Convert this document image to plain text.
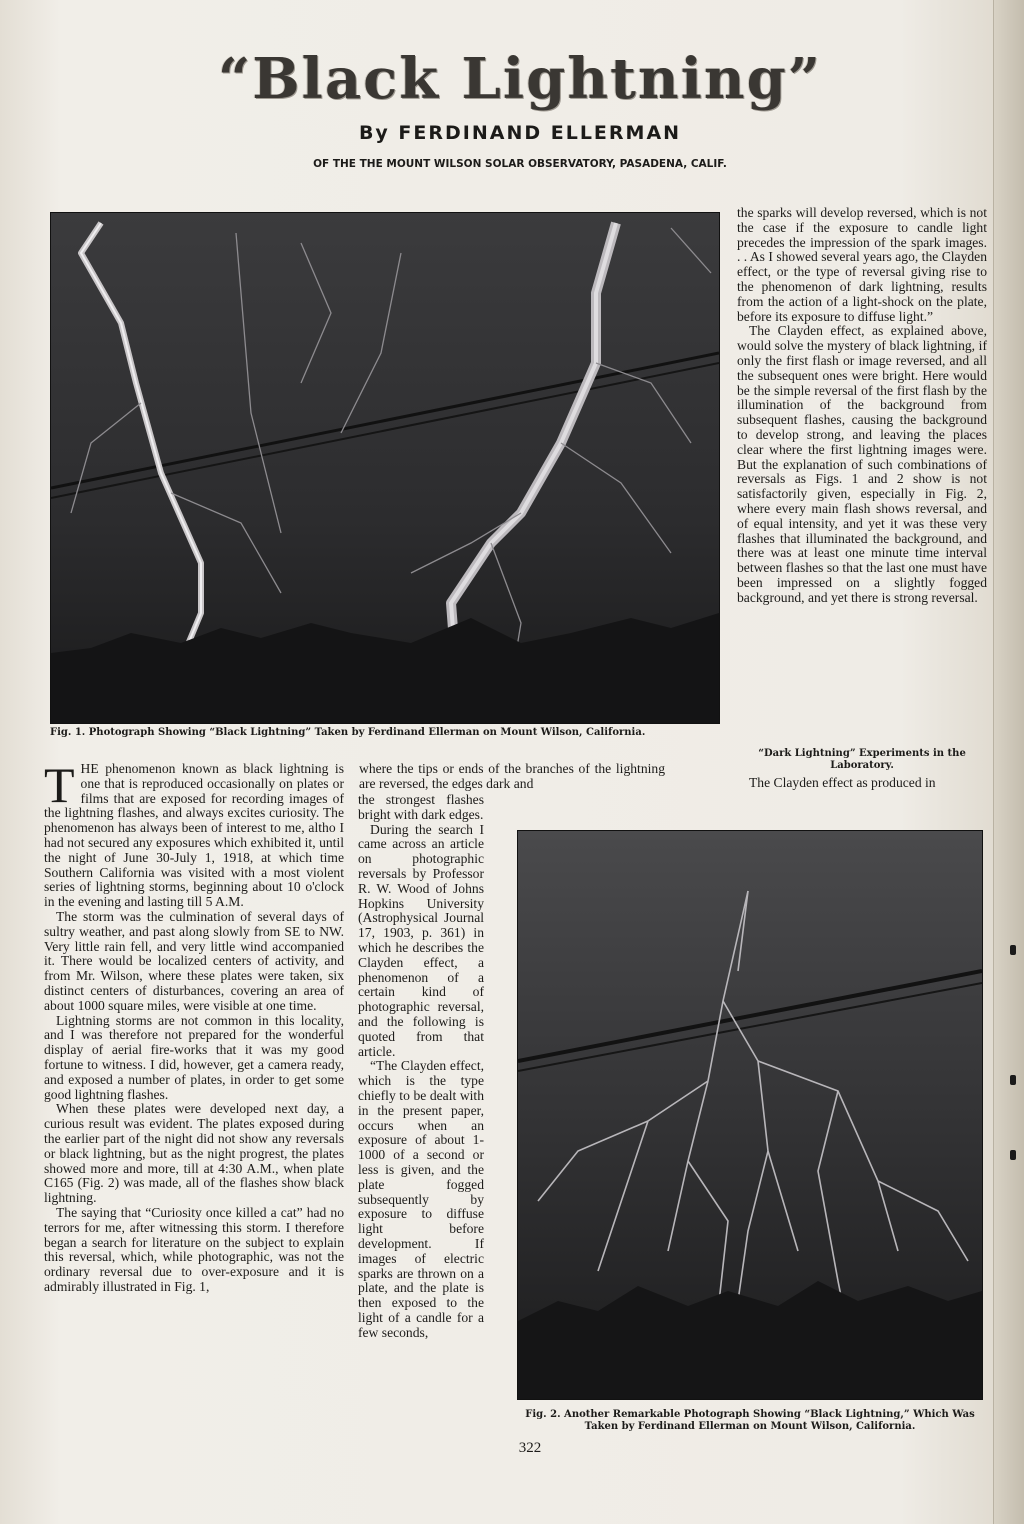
“Black Lightning”
By FERDINAND ELLERMAN
OF THE THE MOUNT WILSON SOLAR OBSERVATORY, PASADENA, CALIF.
Fig. 1. Photograph Showing “Black Lightning” Taken by Ferdinand Ellerman on Mount Wilson, California.

the sparks will develop reversed, which is not the case if the exposure to candle light precedes the impression of the spark images. . . As I showed several years ago, the Clayden effect, or the type of reversal giving rise to the phenomenon of dark lightning, results from the action of a light-shock on the plate, before its exposure to diffuse light.”

The Clayden effect, as explained above, would solve the mystery of black lightning, if only the first flash or image reversed, and all the subsequent ones were bright. Here would be the simple reversal of the first flash by the illumination of the background from subsequent flashes, causing the background to develop strong, and leaving the places clear where the first lightning images were. But the explanation of such combinations of reversals as Figs. 1 and 2 show is not satisfactorily given, especially in Fig. 2, where every main flash shows reversal, and of equal intensity, and yet it was these very flashes that illuminated the background, and there was at least one minute time interval between flashes so that the last one must have been impressed on a slightly fogged background, and yet there is strong reversal.

“Dark Lightning” Experiments in the Laboratory.

The Clayden effect as produced in

THE phenomenon known as black lightning is one that is reproduced occasionally on plates or films that are exposed for recording images of the lightning flashes, and always excites curiosity. The phenomenon has always been of interest to me, altho I had not secured any exposures which exhibited it, until the night of June 30-July 1, 1918, at which time Southern California was visited with a most violent series of lightning storms, beginning about 10 o'clock in the evening and lasting till 5 A.M.

The storm was the culmination of several days of sultry weather, and past along slowly from SE to NW. Very little rain fell, and very little wind accompanied it. There would be localized centers of activity, and from Mr. Wilson, where these plates were taken, six distinct centers of disturbances, covering an area of about 1000 square miles, were visible at one time.

Lightning storms are not common in this locality, and I was therefore not prepared for the wonderful display of aerial fire-works that it was my good fortune to witness. I did, however, get a camera ready, and exposed a number of plates, in order to get some good lightning flashes.

When these plates were developed next day, a curious result was evident. The plates exposed during the earlier part of the night did not show any reversals or black lightning, but as the night progrest, the plates showed more and more, till at 4:30 A.M., when plate C165 (Fig. 2) was made, all of the flashes show black lightning.

The saying that “Curiosity once killed a cat” had no terrors for me, after witnessing this storm. I therefore began a search for literature on the subject to explain this reversal, which, while photographic, was not the ordinary reversal due to over-exposure and it is admirably illustrated in Fig. 1,

where the tips or ends of the branches of the lightning are reversed, the edges dark and

the strongest flashes bright with dark edges.

During the search I came across an article on photographic reversals by Professor R. W. Wood of Johns Hopkins University (Astrophysical Journal 17, 1903, p. 361) in which he describes the Clayden effect, a phenomenon of a certain kind of photographic reversal, and the following is quoted from that article.

“The Clayden effect, which is the type chiefly to be dealt with in the present paper, occurs when an exposure of about 1-1000 of a second or less is given, and the plate fogged subsequently by exposure to diffuse light before development. If images of electric sparks are thrown on a plate, and the plate is then exposed to the light of a candle for a few seconds,

Fig. 2. Another Remarkable Photograph Showing “Black Lightning,” Which Was Taken by Ferdinand Ellerman on Mount Wilson, California.
322
